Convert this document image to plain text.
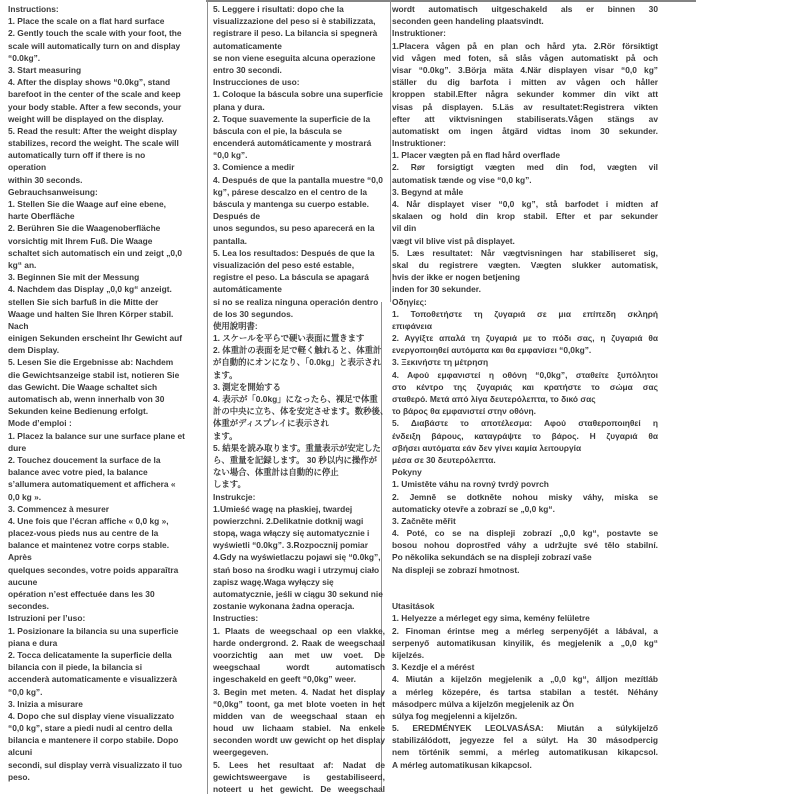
Instructions:
1. Place the scale on a flat hard surface
2. Gently touch the scale with your foot, the
scale will automatically turn on and display
“0.0kg”.
3. Start measuring
4. After the display shows “0.0kg”, stand
barefoot in the center of the scale and keep
your body stable. After a few seconds, your
weight will be displayed on the display.
5. Read the result: After the weight display
stabilizes, record the weight. The scale will
automatically turn off if there is no
operation
within 30 seconds.
Gebrauchsanweisung:
1. Stellen Sie die Waage auf eine ebene,
harte Oberfläche
2. Berühren Sie die Waagenoberfläche
vorsichtig mit Ihrem Fuß. Die Waage
schaltet sich automatisch ein und zeigt „0,0
kg“ an.
3. Beginnen Sie mit der Messung
4. Nachdem das Display „0,0 kg“ anzeigt.
stellen Sie sich barfuß in die Mitte der
Waage und halten Sie Ihren Körper stabil.
Nach
einigen Sekunden erscheint Ihr Gewicht auf
dem Display.
5. Lesen Sie die Ergebnisse ab: Nachdem
die Gewichtsanzeige stabil ist, notieren Sie
das Gewicht. Die Waage schaltet sich
automatisch ab, wenn innerhalb von 30
Sekunden keine Bedienung erfolgt.
Mode d’emploi :
1. Placez la balance sur une surface plane et
dure
2. Touchez doucement la surface de la
balance avec votre pied, la balance
s’allumera automatiquement et affichera «
0,0 kg ».
3. Commencez à mesurer
4. Une fois que l’écran affiche « 0,0 kg »,
placez-vous pieds nus au centre de la
balance et maintenez votre corps stable.
Après
quelques secondes, votre poids apparaîtra
aucune
opération n’est effectuée dans les 30
secondes.
Istruzioni per l’uso:
1. Posizionare la bilancia su una superficie
piana e dura
2. Tocca delicatamente la superficie della
bilancia con il piede, la bilancia si
accenderà automaticamente e visualizzerà
“0,0 kg”.
3. Inizia a misurare
4. Dopo che sul display viene visualizzato
“0,0 kg”, stare a piedi nudi al centro della
bilancia e mantenere il corpo stabile. Dopo
alcuni
secondi, sul display verrà visualizzato il tuo
peso.
5. Leggere i risultati: dopo che la
visualizzazione del peso si è stabilizzata,
registrare il peso. La bilancia si spegnerà
automaticamente
se non viene eseguita alcuna operazione
entro 30 secondi.
Instrucciones de uso:
1. Coloque la báscula sobre una superficie
plana y dura.
2. Toque suavemente la superficie de la
báscula con el pie, la báscula se
encenderá automáticamente y mostrará
“0,0 kg”.
3. Comience a medir
4. Después de que la pantalla muestre “0,0
kg”, párese descalzo en el centro de la
báscula y mantenga su cuerpo estable.
Después de
unos segundos, su peso aparecerá en la
pantalla.
5. Lea los resultados: Después de que la
visualización del peso esté estable,
registre el peso. La báscula se apagará
automáticamente
si no se realiza ninguna operación dentro
de los 30 segundos.
使用說明書:
1. スケールを平らで硬い表面に置きます
2. 体重計の表面を足で軽く触れると、体重計
が自動的にオンになり、「0.0kg」と表示され
ます。
3. 測定を開始する
4. 表示が「0.0kg」になったら、裸足で体重
計の中央に立ち、体を安定させます。数秒後、
体重がディスプレイに表示され
ます。
5. 結果を読み取ります。重量表示が安定した
ら、重量を記録します。 30 秒以内に操作が
ない場合、体重計は自動的に停止
します。
Instrukcje:
1.Umieść wagę na płaskiej, twardej
powierzchni. 2.Delikatnie dotknij wagi
stopą, waga włączy się automatycznie i
wyświetli “0.0kg”. 3.Rozpocznij pomiar
4.Gdy na wyświetlaczu pojawi się “0.0kg”,
stań boso na środku wagi i utrzymuj ciało
zapisz wagę.Waga wyłączy się
automatycznie, jeśli w ciągu 30 sekund nie
zostanie wykonana żadna operacja.
Instructies:
1. Plaats de weegschaal op een vlakke,
harde ondergrond. 2. Raak de weegschaal
voorzichtig aan met uw voet. De
weegschaal wordt automatisch
ingeschakeld en geeft “0,0kg” weer.
3. Begin met meten. 4. Nadat het display
“0,0kg” toont, ga met blote voeten in het
midden van de weegschaal staan en
houd uw lichaam stabiel. Na enkele
seconden wordt uw gewicht op het display
weergegeven.
5. Lees het resultaat af: Nadat de
gewichtsweergave is gestabiliseerd,
noteert u het gewicht. De weegschaal
wordt automatisch uitgeschakeld als er binnen 30
seconden geen handeling plaatsvindt.
Instruktioner:
1.Placera vågen på en plan och hård yta. 2.Rör försiktigt
vid vågen med foten, så slås vågen automatiskt på och
visar “0.0kg”. 3.Börja mäta 4.När displayen visar “0,0 kg”
ställer du dig barfota i mitten av vågen och håller
kroppen stabil.Efter några sekunder kommer din vikt att
visas på displayen. 5.Läs av resultatet:Registrera vikten
efter att viktvisningen stabiliserats.Vågen stängs av
automatiskt om ingen åtgärd vidtas inom 30 sekunder.
Instruktioner:
1. Placer vægten på en flad hård overflade
2. Rør forsigtigt vægten med din fod, vægten vil
automatisk tænde og vise “0,0 kg”.
3. Begynd at måle
4. Når displayet viser “0,0 kg”, stå barfodet i midten af
skalaen og hold din krop stabil. Efter et par sekunder
vil din
vægt vil blive vist på displayet.
5. Læs resultatet: Når vægtvisningen har stabiliseret sig,
skal du registrere vægten. Vægten slukker automatisk,
hvis der ikke er nogen betjening
inden for 30 sekunder.
Οδηγίες:
1. Τοποθετήστε τη ζυγαριά σε μια επίπεδη σκληρή
επιφάνεια
2. Αγγίξτε απαλά τη ζυγαριά με το πόδι σας, η ζυγαριά θα
ενεργοποιηθεί αυτόματα και θα εμφανίσει “0,0kg”.
3. Ξεκινήστε τη μέτρηση
4. Αφού εμφανιστεί η οθόνη “0,0kg”, σταθείτε ξυπόλητοι
στο κέντρο της ζυγαριάς και κρατήστε το σώμα σας
σταθερό. Μετά από λίγα δευτερόλεπτα, το δικό σας
το βάρος θα εμφανιστεί στην οθόνη.
5. Διαβάστε το αποτέλεσμα: Αφού σταθεροποιηθεί η
ένδειξη βάρους, καταγράψτε το βάρος. Η ζυγαριά θα
σβήσει αυτόματα εάν δεν γίνει καμία λειτουργία
μέσα σε 30 δευτερόλεπτα.
Pokyny
1. Umistěte váhu na rovný tvrdý povrch
2. Jemně se dotkněte nohou misky váhy, miska se
automaticky otevře a zobrazí se „0,0 kg“.
3. Začněte měřit
4. Poté, co se na displeji zobrazí „0,0 kg“, postavte se
bosou nohou doprostřed váhy a udržujte své tělo stabilní.
Po několika sekundách se na displeji zobrazí vaše
Na displeji se zobrazí hmotnost.
Utasitások
1. Helyezze a mérleget egy sima, kemény felületre
2. Finoman érintse meg a mérleg serpenyőjét a lábával, a
serpenyő automatikusan kinyilik, és megjelenik a „0,0 kg“
kijelzés.
3. Kezdje el a mérést
4. Miután a kijelzőn megjelenik a „0,0 kg“, álljon mezítláb
a mérleg közepére, és tartsa stabilan a testét. Néhány
másodperc múlva a kijelzőn megjelenik az Ön
súlya fog megjelenni a kijelzőn.
5. EREDMÉNYEK LEOLVASÁSA: Miután a súlykijelző
stabilizálódott, jegyezze fel a súlyt. Ha 30 másodpercig
nem történik semmi, a mérleg automatikusan kikapcsol.
A mérleg automatikusan kikapcsol.
